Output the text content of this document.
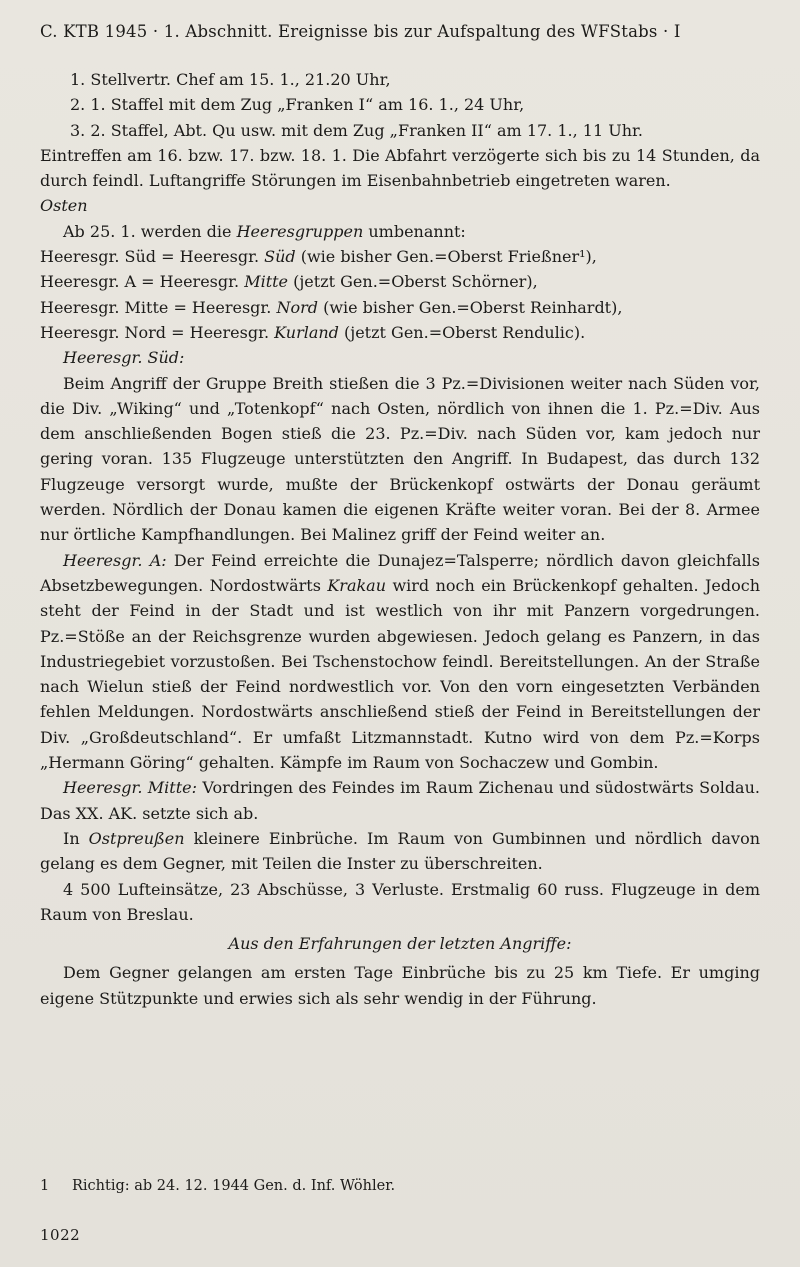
C. KTB 1945 · 1. Abschnitt. Ereignisse bis zur Aufspaltung des WFStabs · I
1. Stellvertr. Chef am 15. 1., 21.20 Uhr,
2. 1. Staffel mit dem Zug „Franken I“ am 16. 1., 24 Uhr,
3. 2. Staffel, Abt. Qu usw. mit dem Zug „Franken II“ am 17. 1., 11 Uhr.
Eintreffen am 16. bzw. 17. bzw. 18. 1. Die Abfahrt verzögerte sich bis zu 14 Stunden, da durch feindl. Luftangriffe Störungen im Eisenbahnbetrieb eingetreten waren.
Osten
Ab 25. 1. werden die Heeresgruppen umbenannt:
Heeresgr. Süd = Heeresgr. Süd (wie bisher Gen.=Oberst Frießner¹),
Heeresgr. A = Heeresgr. Mitte (jetzt Gen.=Oberst Schörner),
Heeresgr. Mitte = Heeresgr. Nord (wie bisher Gen.=Oberst Reinhardt),
Heeresgr. Nord = Heeresgr. Kurland (jetzt Gen.=Oberst Rendulic).
Heeresgr. Süd:
Beim Angriff der Gruppe Breith stießen die 3 Pz.=Divisionen weiter nach Süden vor, die Div. „Wiking“ und „Totenkopf“ nach Osten, nördlich von ihnen die 1. Pz.=Div. Aus dem anschließenden Bogen stieß die 23. Pz.=Div. nach Süden vor, kam jedoch nur gering voran. 135 Flugzeuge unterstützten den Angriff. In Budapest, das durch 132 Flugzeuge versorgt wurde, mußte der Brückenkopf ostwärts der Donau geräumt werden. Nördlich der Donau kamen die eigenen Kräfte weiter voran. Bei der 8. Armee nur örtliche Kampfhandlungen. Bei Malinez griff der Feind weiter an.
Heeresgr. A: Der Feind erreichte die Dunajez=Talsperre; nördlich davon gleichfalls Absetzbewegungen. Nordostwärts Krakau wird noch ein Brückenkopf gehalten. Jedoch steht der Feind in der Stadt und ist westlich von ihr mit Panzern vorgedrungen. Pz.=Stöße an der Reichsgrenze wurden abgewiesen. Jedoch gelang es Panzern, in das Industriegebiet vorzustoßen. Bei Tschenstochow feindl. Bereitstellungen. An der Straße nach Wielun stieß der Feind nordwestlich vor. Von den vorn eingesetzten Verbänden fehlen Meldungen. Nordostwärts anschließend stieß der Feind in Bereitstellungen der Div. „Großdeutschland“. Er umfaßt Litzmannstadt. Kutno wird von dem Pz.=Korps „Hermann Göring“ gehalten. Kämpfe im Raum von Sochaczew und Gombin.
Heeresgr. Mitte: Vordringen des Feindes im Raum Zichenau und südostwärts Soldau. Das XX. AK. setzte sich ab.
In Ostpreußen kleinere Einbrüche. Im Raum von Gumbinnen und nördlich davon gelang es dem Gegner, mit Teilen die Inster zu überschreiten.
4 500 Lufteinsätze, 23 Abschüsse, 3 Verluste. Erstmalig 60 russ. Flugzeuge in dem Raum von Breslau.
Aus den Erfahrungen der letzten Angriffe:
Dem Gegner gelangen am ersten Tage Einbrüche bis zu 25 km Tiefe. Er umging eigene Stützpunkte und erwies sich als sehr wendig in der Führung.
1 Richtig: ab 24. 12. 1944 Gen. d. Inf. Wöhler.
1022
